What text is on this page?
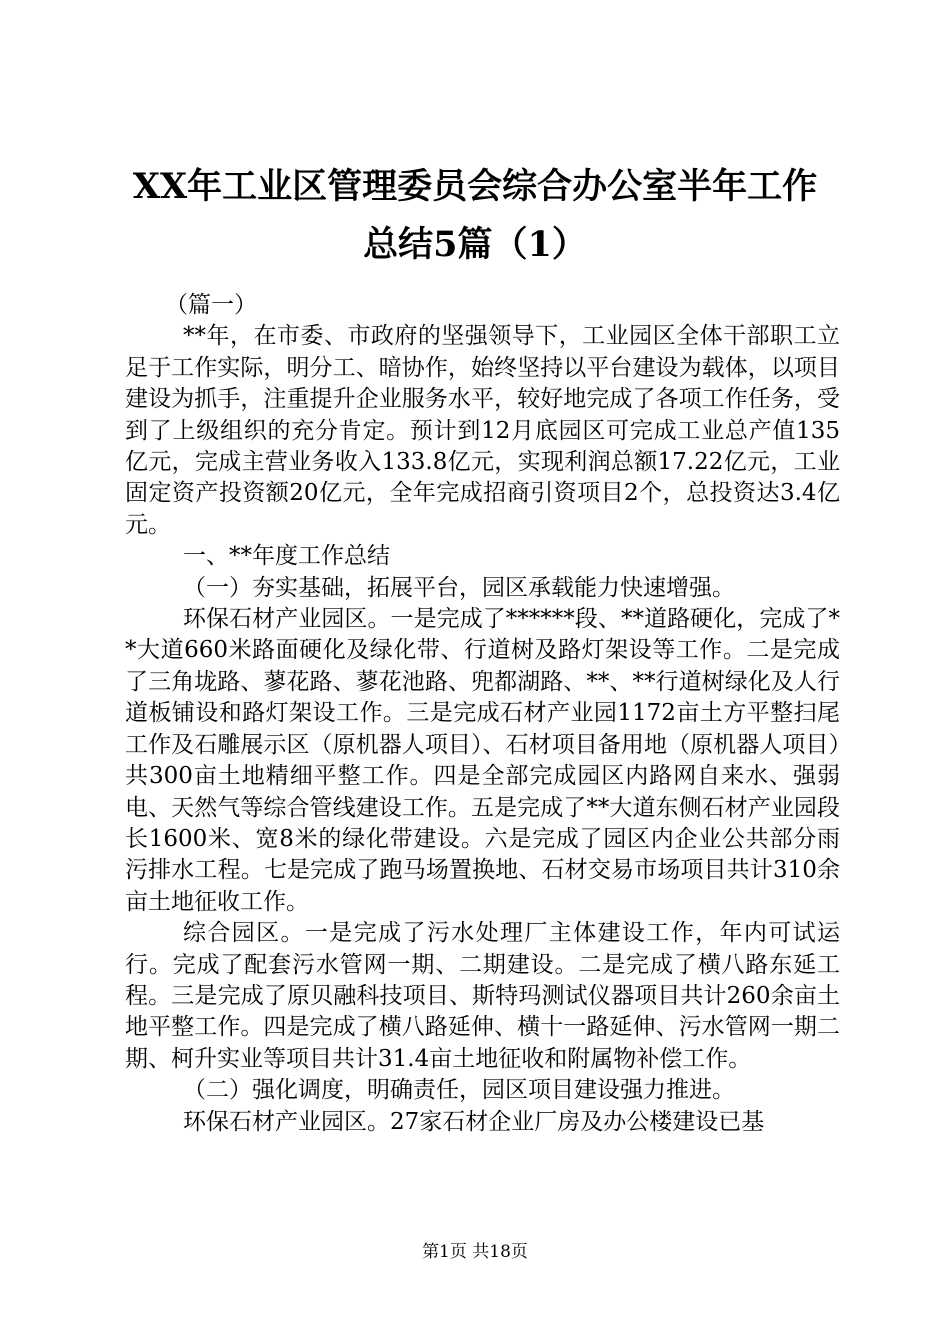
XX年工业区管理委员会综合办公室半年工作
总结5篇（1）

（篇一）

**年，在市委、市政府的坚强领导下，工业园区全体干部职工立足于工作实际，明分工、暗协作，始终坚持以平台建设为载体，以项目建设为抓手，注重提升企业服务水平，较好地完成了各项工作任务，受到了上级组织的充分肯定。预计到12月底园区可完成工业总产值135亿元，完成主营业务收入133.8亿元，实现利润总额17.22亿元，工业固定资产投资额20亿元，全年完成招商引资项目2个，总投资达3.4亿元。

一、**年度工作总结

（一）夯实基础，拓展平台，园区承载能力快速增强。

环保石材产业园区。一是完成了******段、**道路硬化，完成了**大道660米路面硬化及绿化带、行道树及路灯架设等工作。二是完成了三角垅路、蓼花路、蓼花池路、兜都湖路、**、**行道树绿化及人行道板铺设和路灯架设工作。三是完成石材产业园1172亩土方平整扫尾工作及石雕展示区（原机器人项目）、石材项目备用地（原机器人项目）共300亩土地精细平整工作。四是全部完成园区内路网自来水、强弱电、天然气等综合管线建设工作。五是完成了**大道东侧石材产业园段长1600米、宽8米的绿化带建设。六是完成了园区内企业公共部分雨污排水工程。七是完成了跑马场置换地、石材交易市场项目共计310余亩土地征收工作。

综合园区。一是完成了污水处理厂主体建设工作，年内可试运行。完成了配套污水管网一期、二期建设。二是完成了横八路东延工程。三是完成了原贝融科技项目、斯特玛测试仪器项目共计260余亩土地平整工作。四是完成了横八路延伸、横十一路延伸、污水管网一期二期、柯升实业等项目共计31.4亩土地征收和附属物补偿工作。

（二）强化调度，明确责任，园区项目建设强力推进。

环保石材产业园区。27家石材企业厂房及办公楼建设已基

第1页 共18页
